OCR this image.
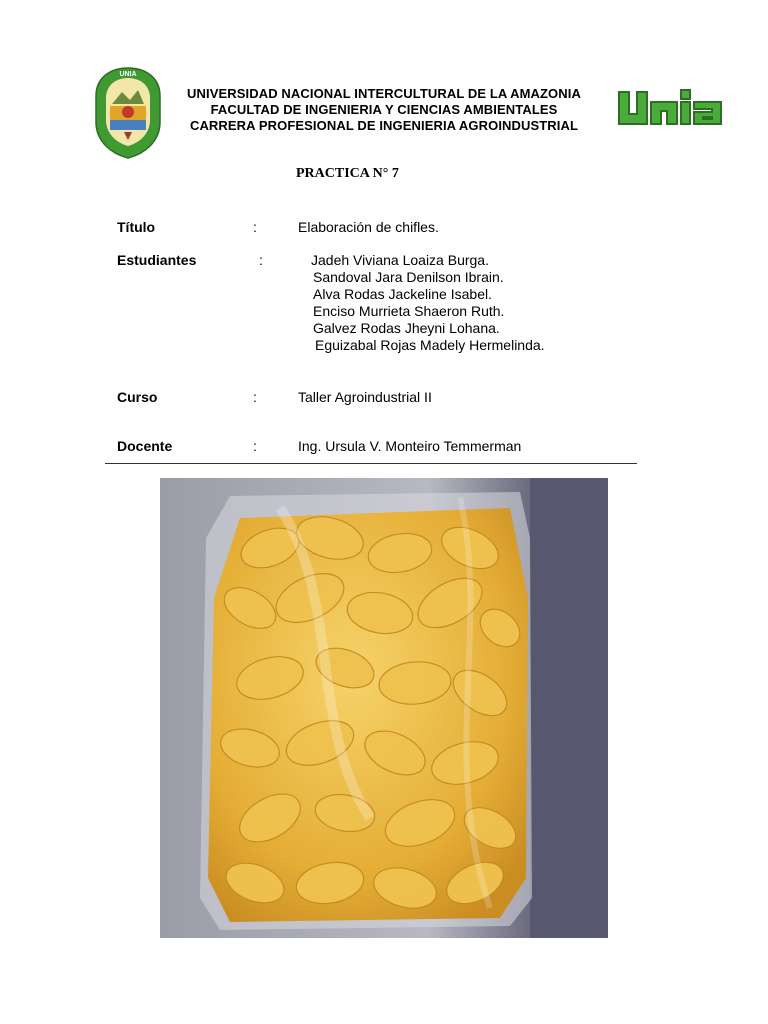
UNIA
UNIVERSIDAD NACIONAL INTERCULTURAL DE LA AMAZONIA
FACULTAD DE INGENIERIA Y CIENCIAS AMBIENTALES
CARRERA PROFESIONAL DE INGENIERIA AGROINDUSTRIAL
PRACTICA N° 7
Título	:	Elaboración de chifles.
Estudiantes	:	Jadeh Viviana Loaiza Burga.
Sandoval Jara Denilson Ibrain.
Alva Rodas Jackeline Isabel.
Enciso Murrieta Shaeron Ruth.
Galvez Rodas Jheyni Lohana.
Eguizabal Rojas Madely Hermelinda.
Curso	:	Taller Agroindustrial II
Docente	:	Ing. Ursula V. Monteiro Temmerman
